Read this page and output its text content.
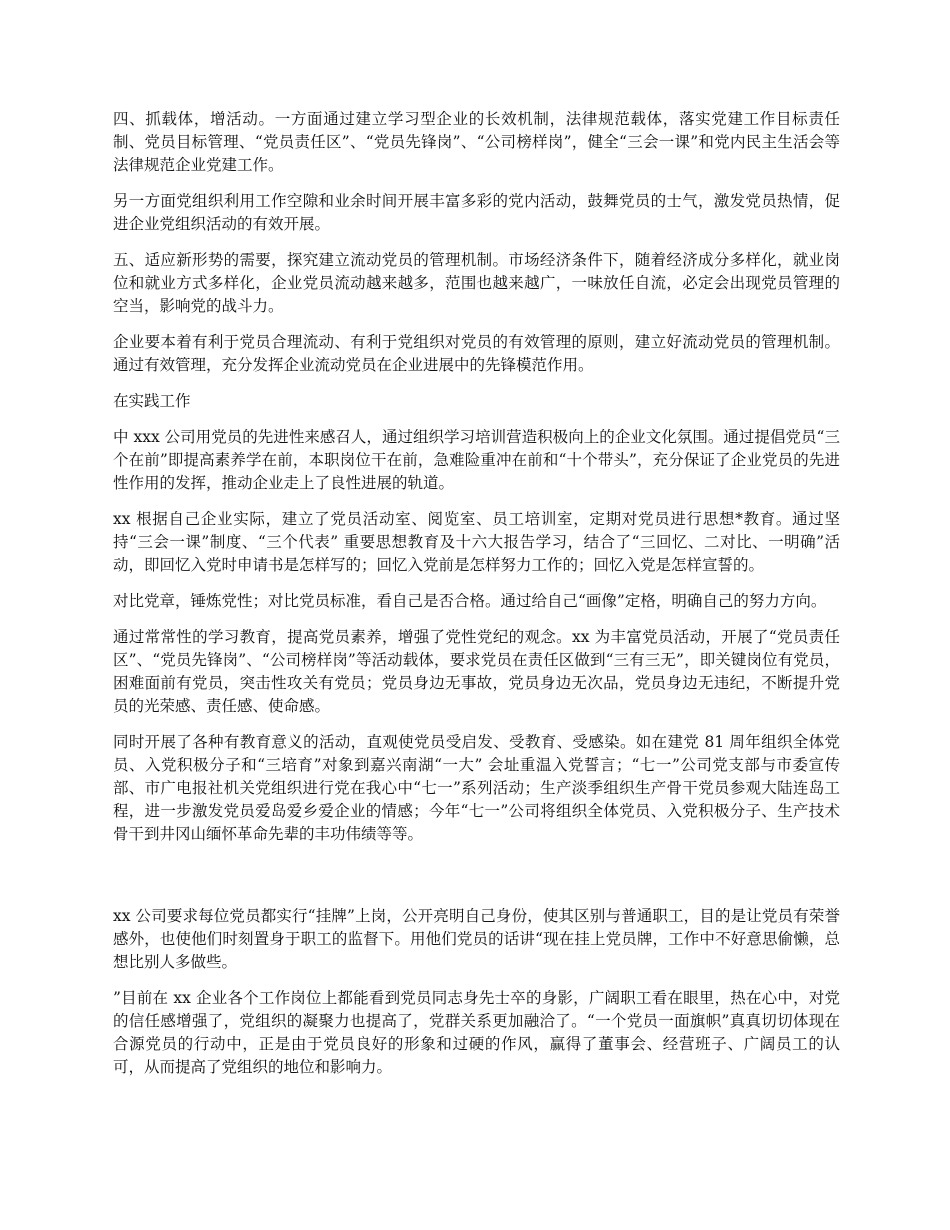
四、抓载体，增活动。一方面通过建立学习型企业的长效机制，法律规范载体，落实党建工作目标责任制、党员目标管理、“党员责任区”、“党员先锋岗”、“公司榜样岗”，健全“三会一课”和党内民主生活会等法律规范企业党建工作。

另一方面党组织利用工作空隙和业余时间开展丰富多彩的党内活动，鼓舞党员的士气，激发党员热情，促进企业党组织活动的有效开展。

五、适应新形势的需要，探究建立流动党员的管理机制。市场经济条件下，随着经济成分多样化，就业岗位和就业方式多样化，企业党员流动越来越多，范围也越来越广，一味放任自流，必定会出现党员管理的空当，影响党的战斗力。

企业要本着有利于党员合理流动、有利于党组织对党员的有效管理的原则，建立好流动党员的管理机制。通过有效管理，充分发挥企业流动党员在企业进展中的先锋模范作用。

在实践工作

中 xxx 公司用党员的先进性来感召人，通过组织学习培训营造积极向上的企业文化氛围。通过提倡党员“三个在前”即提高素养学在前，本职岗位干在前，急难险重冲在前和“十个带头”，充分保证了企业党员的先进性作用的发挥，推动企业走上了良性进展的轨道。

xx 根据自己企业实际，建立了党员活动室、阅览室、员工培训室，定期对党员进行思想*教育。通过坚持“三会一课”制度、“三个代表” 重要思想教育及十六大报告学习，结合了“三回忆、二对比、一明确”活动，即回忆入党时申请书是怎样写的；回忆入党前是怎样努力工作的；回忆入党是怎样宣誓的。

对比党章，锤炼党性；对比党员标准，看自己是否合格。通过给自己“画像”定格，明确自己的努力方向。

通过常常性的学习教育，提高党员素养，增强了党性党纪的观念。xx 为丰富党员活动，开展了“党员责任区”、“党员先锋岗”、“公司榜样岗”等活动载体，要求党员在责任区做到“三有三无”，即关键岗位有党员，困难面前有党员，突击性攻关有党员；党员身边无事故，党员身边无次品，党员身边无违纪，不断提升党员的光荣感、责任感、使命感。

同时开展了各种有教育意义的活动，直观使党员受启发、受教育、受感染。如在建党 81 周年组织全体党员、入党积极分子和“三培育”对象到嘉兴南湖“一大” 会址重温入党誓言；“七一”公司党支部与市委宣传部、市广电报社机关党组织进行党在我心中“七一”系列活动；生产淡季组织生产骨干党员参观大陆连岛工程，进一步激发党员爱岛爱乡爱企业的情感；今年“七一”公司将组织全体党员、入党积极分子、生产技术骨干到井冈山缅怀革命先辈的丰功伟绩等等。

xx 公司要求每位党员都实行“挂牌”上岗，公开亮明自己身份，使其区别与普通职工，目的是让党员有荣誉感外，也使他们时刻置身于职工的监督下。用他们党员的话讲“现在挂上党员牌，工作中不好意思偷懒，总想比别人多做些。

”目前在 xx 企业各个工作岗位上都能看到党员同志身先士卒的身影，广阔职工看在眼里，热在心中，对党的信任感增强了，党组织的凝聚力也提高了，党群关系更加融洽了。“一个党员一面旗帜”真真切切体现在合源党员的行动中，正是由于党员良好的形象和过硬的作风，赢得了董事会、经营班子、广阔员工的认可，从而提高了党组织的地位和影响力。
